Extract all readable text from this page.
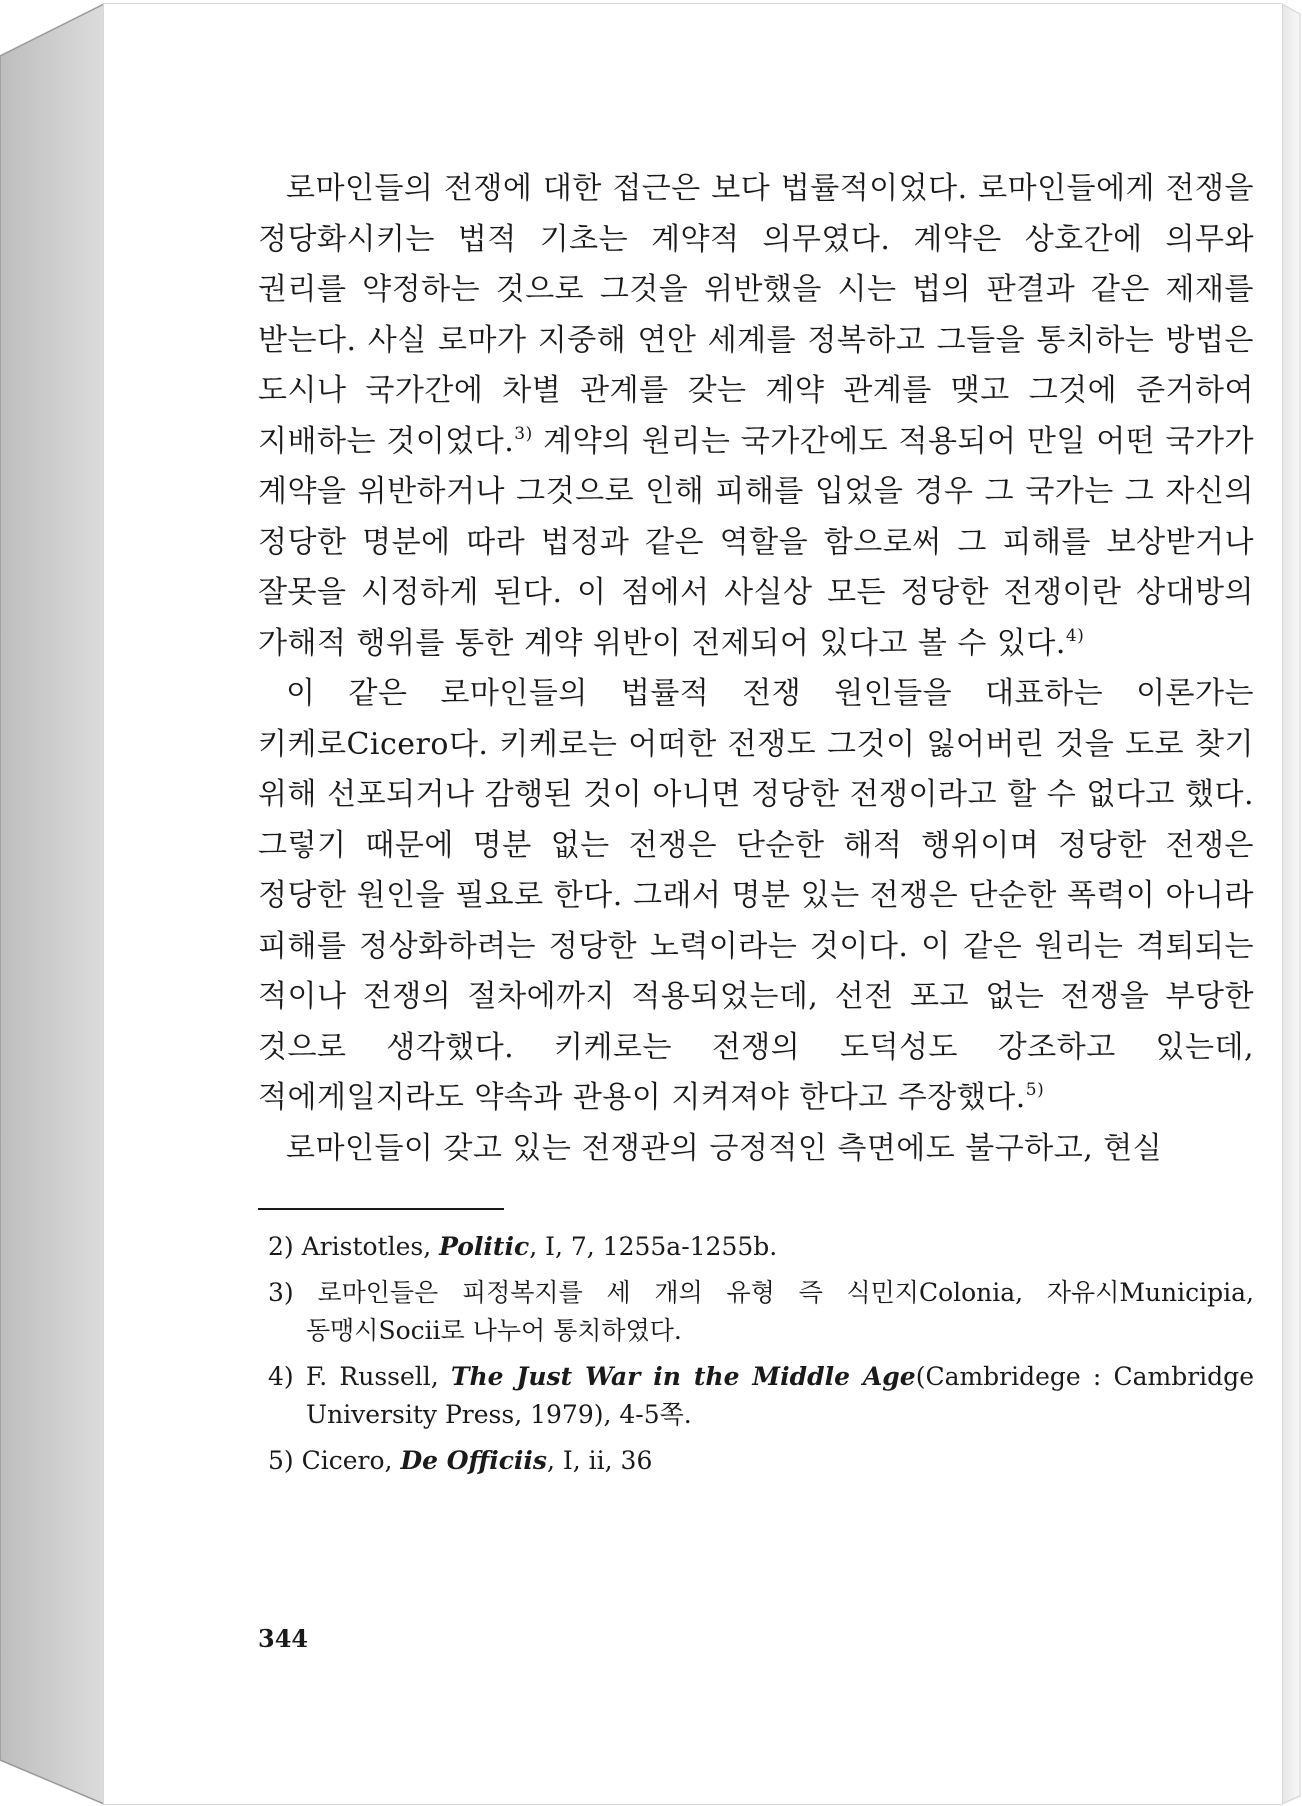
로마인들의 전쟁에 대한 접근은 보다 법률적이었다. 로마인들에게 전쟁을 정당화시키는 법적 기초는 계약적 의무였다. 계약은 상호간에 의무와 권리를 약정하는 것으로 그것을 위반했을 시는 법의 판결과 같은 제재를 받는다. 사실 로마가 지중해 연안 세계를 정복하고 그들을 통치하는 방법은 도시나 국가간에 차별 관계를 갖는 계약 관계를 맺고 그것에 준거하여 지배하는 것이었다.$^{3)}$ 계약의 원리는 국가간에도 적용되어 만일 어떤 국가가 계약을 위반하거나 그것으로 인해 피해를 입었을 경우 그 국가는 그 자신의 정당한 명분에 따라 법정과 같은 역할을 함으로써 그 피해를 보상받거나 잘못을 시정하게 된다. 이 점에서 사실상 모든 정당한 전쟁이란 상대방의 가해적 행위를 통한 계약 위반이 전제되어 있다고 볼 수 있다.$^{4)}$

이 같은 로마인들의 법률적 전쟁 원인들을 대표하는 이론가는 키케로Cicero다. 키케로는 어떠한 전쟁도 그것이 잃어버린 것을 도로 찾기 위해 선포되거나 감행된 것이 아니면 정당한 전쟁이라고 할 수 없다고 했다. 그렇기 때문에 명분 없는 전쟁은 단순한 해적 행위이며 정당한 전쟁은 정당한 원인을 필요로 한다. 그래서 명분 있는 전쟁은 단순한 폭력이 아니라 피해를 정상화하려는 정당한 노력이라는 것이다. 이 같은 원리는 격퇴되는 적이나 전쟁의 절차에까지 적용되었는데, 선전 포고 없는 전쟁을 부당한 것으로 생각했다. 키케로는 전쟁의 도덕성도 강조하고 있는데, 적에게일지라도 약속과 관용이 지켜져야 한다고 주장했다.$^{5)}$

로마인들이 갖고 있는 전쟁관의 긍정적인 측면에도 불구하고, 현실

2) Aristotles, Politic, I, 7, 1255a-1255b.

3) 로마인들은 피정복지를 세 개의 유형 즉 식민지Colonia, 자유시Municipia, 동맹시Socii로 나누어 통치하였다.

4) F. Russell, The Just War in the Middle Age(Cambridege : Cambridge University Press, 1979), 4-5쪽.

5) Cicero, De Officiis, I, ii, 36

344
